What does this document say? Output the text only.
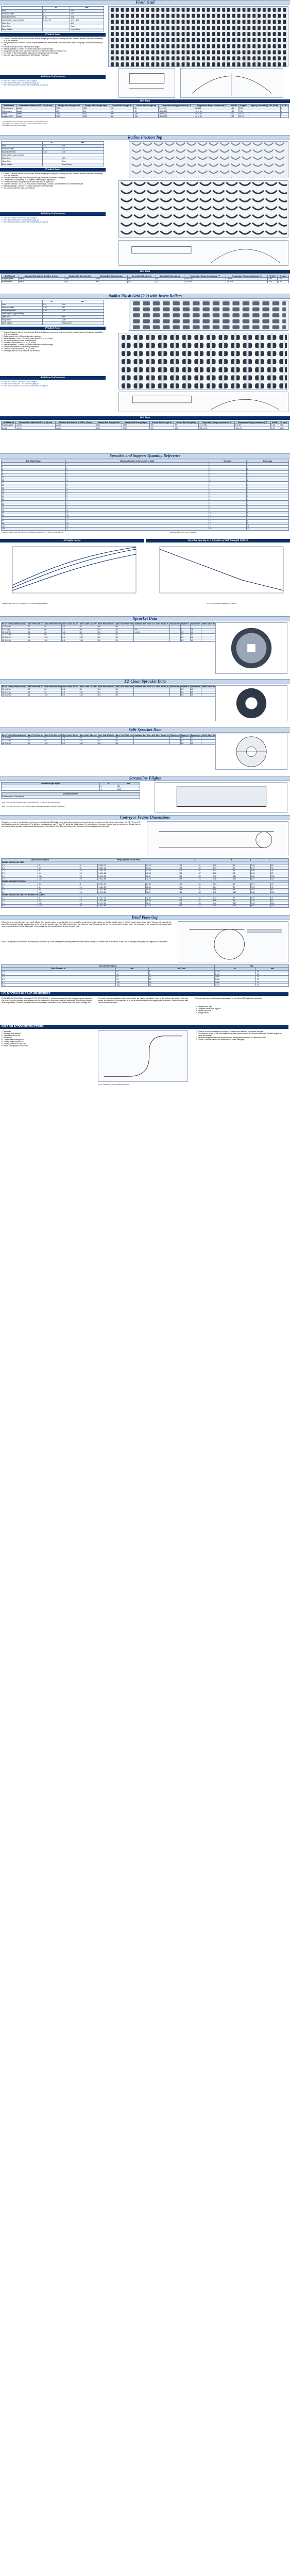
Flush Grid
	in.	mm
Pitch	1.0	25.4
Minimum Width	6	152
Width Increments	0.66	16.8
Opening Size (approximate)	0.5 x 0.75	12.7 x 19.1
Open Area		40%
Hinge Style		Open
Drive Method		Hinge-driven
Product Notes
■ Contact Customer Service for lead times. Before designing a conveyor or ordering this belt, contact Customer Service for availability of all belt materials.
■ Always check with Customer Service for precise belt width measurement and stock status before designing a conveyor or ordering a belt.
■ Smooth, flush grid surface with fully flush edges.
■ Radius capability: 2.2 times belt width measured from inside edge.
■ Designed to lay flat on the carryway; minimum recommended tight turn radius is 2.2.
■ The inside of the belt should be supported on carryways and returnways.
■ Uses the same sprockets as Series 2200 Radius Flush Grid.
Additional Information
■ See "BELT SELECTION PROCESS" page 9
■ See "STANDARD BELT MATERIALS" page 16
■ See "SPECIAL APPLICATION BELT MATERIALS" page 17
Belt Data
Belt Material	Standard Rod Material Ø 0.18 in. (5 mm)	Straight Belt Strength lb/ft	Straight Belt Strength kg/m	Curved Belt Strength lb	Curved Belt Strength kg	Temperature Range (continuous) °F	Temperature Range (continuous) °C	W lb/ft²	W kg/m²	Agency Acceptability FDA (USA)	EU MC
Polypropylene	Acetal	1000	1490	150	68	34 to 220	1 to 104	1.41	6.88	•	•
Polyethylene	Acetal	600	890	100	45	-50 to 150	-46 to 66	1.49	7.28	•	•
Acetal	Acetal	1500	2230	300	136	-50 to 200	-46 to 93	2.20	10.74	•	•
Acetal (HSEC)	Acetal	1500	2230	300	136	-50 to 200	-46 to 93	2.20	10.74		
1. Straight and curved strengths are based on a standard belt width.
2. Strength is not additive and varies with belt width and application.
3. European Union dry food contact.
Radius Friction Top
	in.	mm
Pitch	1.0	25.4
Minimum Width	6	152
Width Increments	0.66	16.8
Opening Size (approximate)		
Open Area		18%
Hinge Style		Open
Drive Method		Hinge-driven
Product Notes
■ Contact Customer Service for lead times. Before designing a conveyor or ordering this belt, contact Customer Service for availability of all belt materials.
■ Available with friction top modules to provide grip on incline and decline conveyors.
■ Can be used for inclines up to 20 degrees, depending on application.
■ The friction module design allows the belt to be used on tight turns.
■ Standard belt has a 1.0 in. (25 mm) indent on each edge. Contact Customer Service for other indent sizes.
■ Radius capability: 2.2 times belt width measured from inside edge.
■ Not recommended for back-up conditions.
Additional Information
■ See "BELT SELECTION PROCESS" page 9
■ See "STANDARD BELT MATERIALS" page 16
■ See "SPECIAL APPLICATION BELT MATERIALS" page 17
Belt Data
Belt Material	Standard Rod Material Ø 0.18 in. (5 mm)	Straight Belt Strength lb/ft	Straight Belt Strength kg/m	Curved Belt Strength lb	Curved Belt Strength kg	Temperature Range (continuous) °F	Temperature Range (continuous) °C	W lb/ft²	W kg/m²
Polypropylene	Acetal	1000	1490	150	68	34 to 150	1 to 66	1.59	7.76
Polyethylene	Acetal	600	890	100	45	-50 to 150	-46 to 66	1.69	8.25
Radius Flush Grid (2.2) with Insert Rollers
	in.	mm
Pitch	1.0	25.4
Minimum Width	7.88	200
Width Increments	0.66	16.8
Opening Size (approximate)		
Open Area		40%
Hinge Style		Open
Drive Method		Hinge-driven
Product Notes
■ Contact Customer Service for lead times. Before designing a conveyor or ordering this belt, contact Customer Service for availability of all belt materials.
■ Roller spacing 4 in. (102 mm) intervals, minimum.
■ Roller diameter 0.70 in. (17.8 mm), roller width 0.46 in. (11.7 mm).
■ Not recommended for back-up applications.
■ Standard roller indent is 1.33 in. (33.8 mm).
■ Radius capability: 2.2 times belt width measured from inside edge.
■ Rollers are available in acetal and polyethylene.
■ Minimum sprocket indent 1.3 in. (33 mm).
■ Rollers provide low back-pressure accumulation.
Additional Information
■ See "BELT SELECTION PROCESS" page 9
■ See "STANDARD BELT MATERIALS" page 16
■ See "SPECIAL APPLICATION BELT MATERIALS" page 17
Belt Data
Belt Material	Standard Rod Material Ø 0.18 in. (5 mm)	Standard Rod Material Ø 0.18 in. (5 mm)	Straight Belt Strength lb/ft	Straight Belt Strength kg/m	Curved Belt Strength lb	Curved Belt Strength kg	Temperature Range (continuous) °F	Temperature Range (continuous) °C	W lb/ft²	W kg/m²
Polypropylene	Acetal	Acetal	1000	1490	150	68	34 to 150	1 to 66	1.45	7.08
Acetal	Acetal	Acetal	1500	2230	300	136	-50 to 200	-46 to 93	2.22	10.84
Sprocket and Support Quantity Reference
Belt Width Range	Minimum Number of Sprockets Per Shaft	Carryway	Returnway
2	1	2	2
4	1	2	2
6	2	2	2
7	2	3	2
8	2	3	2
10	3	3	2
12	3	3	2
14	3	4	3
15	5	4	3
16	5	4	3
18	5	4	3
20	5	5	3
24	5	5	3
30	7	6	4
32	7	7	4
36	7	7	4
42	9	8	5
48	11	9	5
54	11	10	6
60	13	11	6
72	15	13	7
84	17	15	8
96	19	17	9
120	23	21	11
144	27	25	13
For Other Widths, Use Odd Number of Sprockets at Maximum 4 in. (102 mm) CL Spacing	Maximum 12 in. (305 mm) CL Spacing
Strength Factor	Sprocket Spacing as a Function of Belt Strength Utilized
Speed/Length ratio (V/L), Belt Speed (V) / Shaft Centre Distance (L)	% OF ALLOWABLE STRENGTH (% BSPS)
Sprocket Data
No. of Teeth (Chordal Action)	Nom. Pitch Dia. in.	Nom. Pitch Dia. mm	Nom. Outer Dia. in.	Nom. Outer Dia. mm	Nom. Hub Width in.	Nom. Hub Width mm	Available Bore Sizes U.S. Sizes Round in.	Round mm	Square in.	Square mm	Metric Sizes Round mm	Square mm
6 (13.40%)	2.0	51	2.0	51	1.0	25						20
8 (7.61%)	2.6	66	2.7	69	1.0	25	3/4-1		1	25		25
10 (4.89%)	3.2	81	3.3	84	1.0	25	1-1 1/4		1.5	40		40
12 (3.41%)	3.9	99	4.0	102	1.0	25			1.5	40		40
16 (1.92%)	5.1	130	5.2	132	1.0	25			1.5	40		40
20 (1.23%)	6.4	163	6.5	165	1.0	25			1.5	40		40
EZ Clean Sprocket Data
No. of Teeth (Chordal Action)	Nom. Pitch Dia. in.	Nom. Pitch Dia. mm	Nom. Outer Dia. in.	Nom. Outer Dia. mm	Nom. Hub Width in.	Nom. Hub Width mm	Available Bore Sizes U.S. Sizes Round in.	Round mm	Square in.	Square mm	Metric Sizes Round mm	Square mm
10 (4.89%)	3.2	81	3.3	84	1.0	25			1.5	40		
12 (3.41%)	3.9	99	4.0	102	1.0	25			1.5	40		
16 (1.92%)	5.1	130	5.2	132	1.0	25			1.5	40		
Split Sprocket Data
No. of Teeth (Chordal Action)	Nom. Pitch Dia. in.	Nom. Pitch Dia. mm	Nom. Outer Dia. in.	Nom. Outer Dia. mm	Nom. Hub Width in.	Nom. Hub Width mm	Available Bore Sizes U.S. Sizes Round in.	Round mm	Square in.	Square mm	Metric Sizes Round mm	Square mm
10 (4.89%)	3.2	81	3.3	84	1.5	38			1.5	40		
12 (3.41%)	3.9	99	4.0	102	1.5	38			1.5	40		
16 (1.92%)	5.1	130	5.2	132	1.5	38			1.5	40		
Streamline Flights
Available Flight Height	in.	mm
	2	51
	4	102
Available Materials
Polypropylene, Polyethylene
Note: Flights can be cut down to any height beyond 0.5 in. (13 mm) and may be fused.
Note: Flight end cuts (up to 70%) can be ordered to allow flighted belt to operate on a radius.
Conveyor Frame Dimensions
Regardless of type or configuration of conveyor using Series 2200 belts, some basic dimensional requirements should be observed. Specifically, dimensions "A", "B", "C" and "E" listed below should be implemented. For all other configurations, use "F" and "D" within the limits shown. For belts where a minimum transfer gap is required, an S-track may be used along with a sprocket position controlled carryway. Note: Allow 1.0 in. (25 mm) minimum for the return belt to hang below the idle shaft.
Sprocket Description		Range (Bottom to Top Flex)			A		B		C	
SERIES 2200 FLUSH GRID										
2.0	51	6	0.56-0.73	14-19	1.62	41	2.00	51	2.45	62
2.6	66	8	0.93-1.04	24-26	1.75	44	2.64	67	2.77	70
3.2	81	10	1.26-1.35	32-34	2.01	51	3.24	82	3.09	78
3.9	99	12	1.61-1.68	41-43	2.24	57	3.86	98	3.42	87
5.1	130	16	2.21-2.26	56-57	2.54	65	5.12	130	4.05	103
6.4	163	20	2.84-2.88	72-73	2.93	74	6.36	162	4.67	119
SERIES 2200 FRICTION TOP										
2.6	66	8	0.93-1.04	24-26	1.75	44	2.64	67	2.77	70
3.2	81	10	1.26-1.35	32-34	2.01	51	3.24	82	3.09	78
3.9	99	12	1.61-1.68	41-43	2.24	57	3.86	98	3.42	87
5.1	130	16	2.21-2.26	56-57	2.54	65	5.12	130	4.05	103
SERIES 2200 FLUSH GRID WITH INSERT ROLLERS										
3.2	81	10	1.26-1.35	32-34	2.01	51	3.24	82	3.09	78
3.9	99	12	1.61-1.68	41-43	2.24	57	3.86	98	3.42	87
5.1	130	16	2.21-2.26	56-57	2.54	65	5.12	130	4.05	103
6.4	163	20	2.84-2.88	72-73	2.93	74	6.36	162	4.67	119
Dead Plate Gap
Where there is a transfer point from a belt without flight transfer plates to a dead plate, there should be a gap between the surface so that the leading edge of the belt passes by the dead plate. This gap will vary with the size of the sprocket and the leading edge of the belt at the transfer point. The table below shows the minimum "gap" dimensions. As the belt moves with the dead plate, the clearance of the module from the dead plate must be controlled so that the "high point" of the module (at the chordal action) is near the dead plate.
Note: It is important to note that it is necessary to keep the top of the dead plate sufficiently below the belt surface that a good transfer can be achieved. In the case of a hinged dead plate, the "high point" is important.
Sprocket Description			Gap	
Pitch Diameter in.	mm	No. Teeth	in.	mm
2.0	51	6	0.134	3.4
2.6	66	8	0.100	2.5
3.2	81	10	0.080	2.0
3.9	99	12	0.066	1.7
5.1	130	16	0.050	1.3
6.4	163	20	0.040	1.0
HOLD DOWN RAILS AND WEARSTRIPS
ENGINEERING PROGRAM AVAILABLE FOR SERIES 2200 — Intralox Customer Service Engineering can calculate the forces on your conveyor and optimize the belt selection for hold down rails and wearstrips. The conveyor layout must be provided. Contact Customer Service for the design information of the Radius Belt Zone Sheet on page 589.
Find belt selection guidelines which also reflect the design conditions found in the radius belt section. For best results, the belt should be supported at all points where the belt is not engaging the sprockets. Place hold down rails on the outside of the turn.
Conveyor flush drives and inherent advantages of the Series 2200 radius belt selection.
■ Gapless flush edge
■ Complete inside edge support
■ Minimal belt wear
■ Straight return
BELT SELECTION INSTRUCTIONS
■ Belt width
■ Belt style and material
■ Maximum load on belt
■ Belt speed
■ Length of each straight run
■ Turning angle of each turn
■ Turning direction of each turn
■ Inside turning radius of each turn
FIG. 4-4 TYPICAL 2-TURN RADIUS LAYOUT
■ There is no minimum straight run required between turns that turn in the same direction.
■ The minimum length for the first straight run leading into the drive is 1.5 times the belt width. Smaller lengths can cause belt bowing.
■ Minimum straight run between turns turning in the opposite direction is 1.5 times belt width.
■ Contact Customer Service for information on radius carryways.
